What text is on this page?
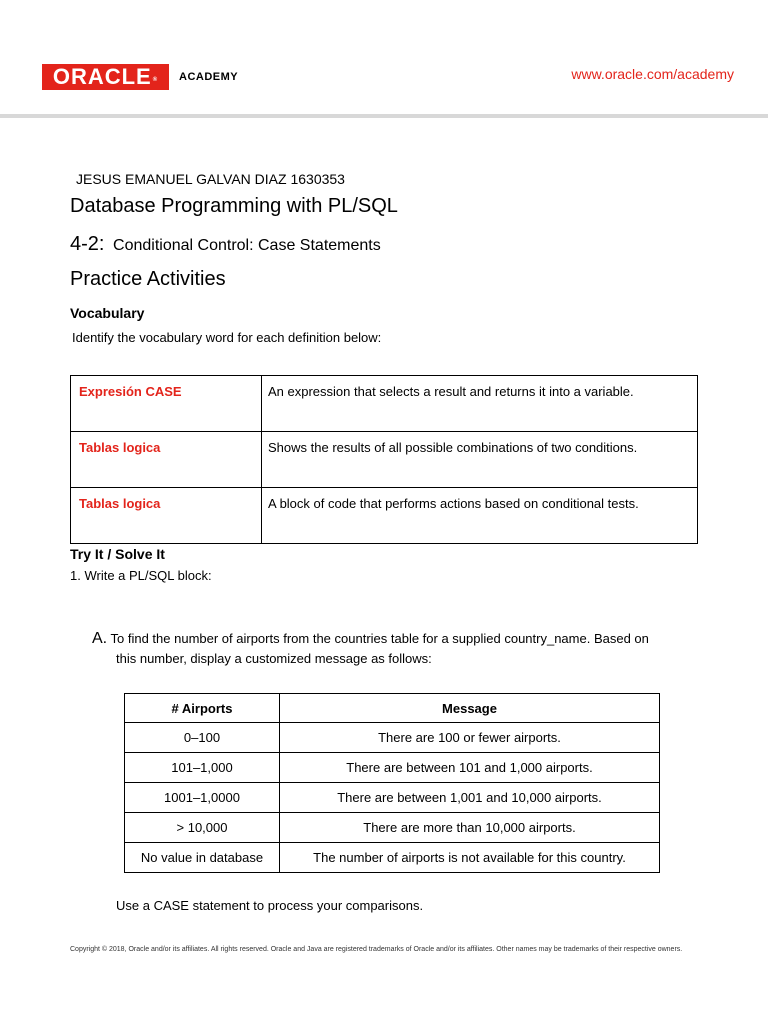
ORACLE®	ACADEMY	www.oracle.com/academy
JESUS EMANUEL GALVAN DIAZ 1630353
Database Programming with PL/SQL
4-2: Conditional Control: Case Statements
Practice Activities
Vocabulary
Identify the vocabulary word for each definition below:
Expresión CASE	An expression that selects a result and returns it into a variable.
Tablas logica	Shows the results of all possible combinations of two conditions.
Tablas logica	A block of code that performs actions based on conditional tests.
Try It / Solve It
1. Write a PL/SQL block:
A. To find the number of airports from the countries table for a supplied country_name. Based on
this number, display a customized message as follows:
# Airports	Message
0–100	There are 100 or fewer airports.
101–1,000	There are between 101 and 1,000 airports.
1001–1,0000	There are between 1,001 and 10,000 airports.
> 10,000	There are more than 10,000 airports.
No value in database	The number of airports is not available for this country.
Use a CASE statement to process your comparisons.
Copyright © 2018, Oracle and/or its affiliates. All rights reserved. Oracle and Java are registered trademarks of Oracle and/or its affiliates. Other names may be trademarks of their respective owners.
